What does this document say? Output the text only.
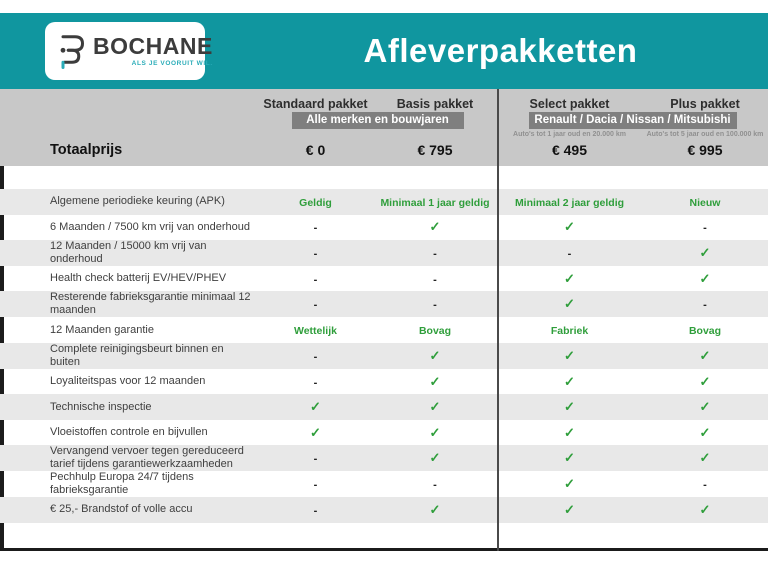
BOCHANE
ALS JE VOORUIT WIL.	Afleverpakketten
Standaard pakket	Basis pakket	Select pakket	Plus pakket
Alle merken en bouwjaren	Renault / Dacia / Nissan / Mitsubishi
Auto's tot 1 jaar oud en 20.000 km	Auto's tot 5 jaar oud en 100.000 km
Totaalprijs	€ 0	€ 795	€ 495	€ 995
Algemene periodieke keuring (APK)	Geldig	Minimaal 1 jaar geldig	Minimaal 2 jaar geldig	Nieuw
6 Maanden / 7500 km vrij van onderhoud	-	✓	✓	-
12 Maanden / 15000 km vrij van onderhoud	-	-	-	✓
Health check batterij EV/HEV/PHEV	-	-	✓	✓
Resterende fabrieksgarantie minimaal 12 maanden	-	-	✓	-
12 Maanden garantie	Wettelijk	Bovag	Fabriek	Bovag
Complete reinigingsbeurt binnen en buiten	-	✓	✓	✓
Loyaliteitspas voor 12 maanden	-	✓	✓	✓
Technische inspectie	✓	✓	✓	✓
Vloeistoffen controle en bijvullen	✓	✓	✓	✓
Vervangend vervoer tegen gereduceerd tarief tijdens garantiewerkzaamheden	-	✓	✓	✓
Pechhulp Europa 24/7 tijdens fabrieksgarantie	-	-	✓	-
€ 25,- Brandstof of volle accu	-	✓	✓	✓
